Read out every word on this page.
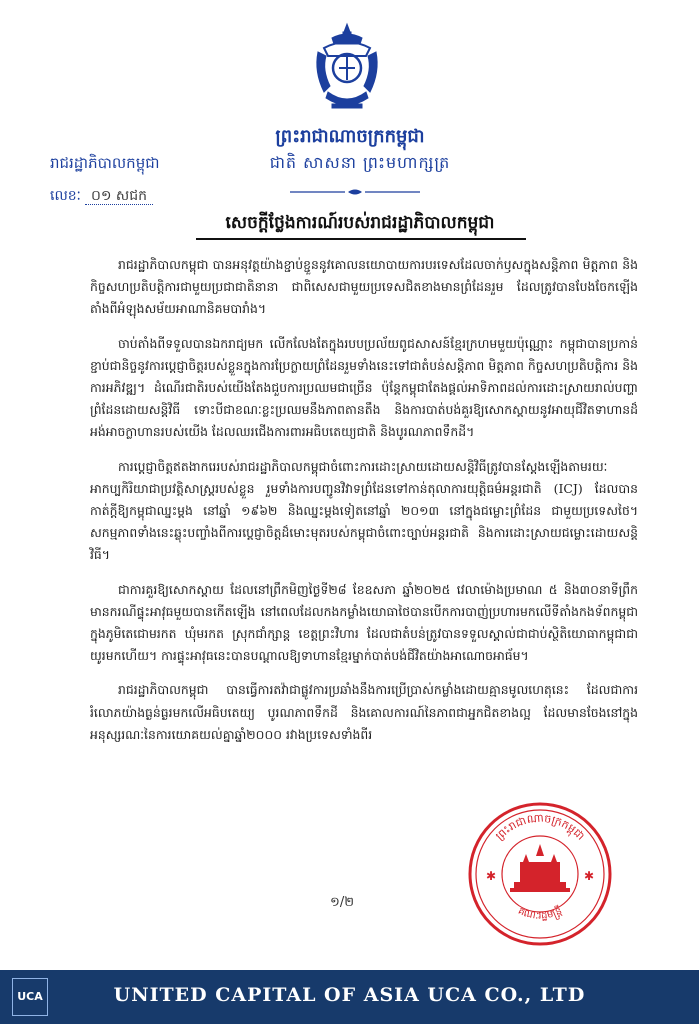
ព្រះរាជាណាចក្រកម្ពុជា
ជាតិ សាសនា ព្រះមហាក្សត្រ
រាជរដ្ឋាភិបាលកម្ពុជា
លេខៈ ០១ សជក
សេចក្តីថ្លែងការណ៍របស់រាជរដ្ឋាភិបាលកម្ពុជា

រាជរដ្ឋាភិបាលកម្ពុជា បានអនុវត្តយ៉ាងខ្ជាប់ខ្ជួននូវគោលនយោបាយការបរទេសដែលចាក់ឫសក្នុងសន្តិភាព មិត្តភាព និងកិច្ចសហប្រតិបត្តិការជាមួយប្រជាជាតិនានា ជាពិសេសជាមួយប្រទេសជិតខាងមានព្រំដែនរួម ដែលត្រូវបានបែងចែកឡើង តាំងពីអំឡុងសម័យអាណានិគមបារាំង។

ចាប់តាំងពីទទួលបានឯករាជ្យមក លើកលែងតែក្នុងរបបប្រល័យពូជសាសន៍ខ្មែរក្រហមមួយប៉ុណ្ណោះ កម្ពុជាបានប្រកាន់ខ្ជាប់ជានិច្ចនូវការប្តេជ្ញាចិត្តរបស់ខ្លួនក្នុងការប្រែក្លាយព្រំដែនរួមទាំងនេះទៅជាតំបន់សន្តិភាព មិត្តភាព កិច្ចសហប្រតិបត្តិការ និងការអភិវឌ្ឍ។ ដំណើរជាតិរបស់យើងតែងជួបការប្រឈមជាច្រើន ប៉ុន្តែកម្ពុជាតែងផ្តល់អាទិភាពដល់ការដោះស្រាយរាល់បញ្ហាព្រំដែនដោយសន្តិវិធី ទោះបីជាខណៈខ្លះប្រឈមនឹងភាពតានតឹង និងការបាត់បង់គួរឱ្យសោកស្តាយនូវអាយុជីវិតទាហានដ៏អង់អាចក្លាហានរបស់យើង ដែលឈរជើងការពារអធិបតេយ្យជាតិ និងបូរណភាពទឹកដី។

ការប្តេជ្ញាចិត្តឥតងាករេរបស់រាជរដ្ឋាភិបាលកម្ពុជាចំពោះការដោះស្រាយដោយសន្តិវិធីត្រូវបានស្តែងឡើងតាមរយៈអាកប្បកិរិយាជាប្រវត្តិសាស្ត្ររបស់ខ្លួន រួមទាំងការបញ្ជូនវិវាទព្រំដែនទៅកាន់តុលាការយុត្តិធម៌អន្តរជាតិ (ICJ) ដែលបានកាត់ក្តីឱ្យកម្ពុជាឈ្នះម្តង នៅឆ្នាំ ១៩៦២ និងឈ្នះម្តងទៀតនៅឆ្នាំ ២០១៣ នៅក្នុងជម្លោះព្រំដែន ជាមួយប្រទេសថៃ។ សកម្មភាពទាំងនេះឆ្លុះបញ្ចាំងពីការប្តេជ្ញាចិត្តដ៏មោះមុតរបស់កម្ពុជាចំពោះច្បាប់អន្តរជាតិ និងការដោះស្រាយជម្លោះដោយសន្តិវិធី។

ជាការគួរឱ្យសោកស្តាយ ដែលនៅព្រឹកមិញថ្ងៃទី២៨ ខែឧសភា ឆ្នាំ២០២៥ វេលាម៉ោងប្រមាណ ៥ និង៣០នាទីព្រឹក មានករណីផ្ទុះអាវុធមួយបានកើតឡើង នៅពេលដែលកងកម្លាំងយោធាថៃបានបើកការបាញ់ប្រហារមកលើទីតាំងកងទ័ពកម្ពុជា ក្នុងភូមិតេជោមរកត ឃុំមរកត ស្រុកជាំក្សាន្ត ខេត្តព្រះវិហារ ដែលជាតំបន់ត្រូវបានទទួលស្គាល់ជាជាប់ស្ថិតិយោធាកម្ពុជាជាយូរមកហើយ។ ការផ្ទុះអាវុធនេះបានបណ្តាលឱ្យទាហានខ្មែរម្នាក់បាត់បង់ជីវិតយ៉ាងអាណោចអាធ័ម។

រាជរដ្ឋាភិបាលកម្ពុជា បានធ្វើការតវ៉ាជាផ្លូវការប្រឆាំងនឹងការប្រើប្រាស់កម្លាំងដោយគ្មានមូលហេតុនេះ ដែលជាការរំលោភយ៉ាងធ្ងន់ធ្ងរមកលើអធិបតេយ្យ បូរណភាពទឹកដី និងគោលការណ៍នៃភាពជាអ្នកជិតខាងល្អ ដែលមានចែងនៅក្នុងអនុស្សរណៈនៃការយោគយល់គ្នាឆ្នាំ២០០០ រវាងប្រទេសទាំងពីរ

១/២
ព្រះរាជាណាចក្រកម្ពុជា
គណៈរដ្ឋមន្ត្រី
✱	✱
UCA	UNITED CAPITAL OF ASIA UCA CO., LTD
